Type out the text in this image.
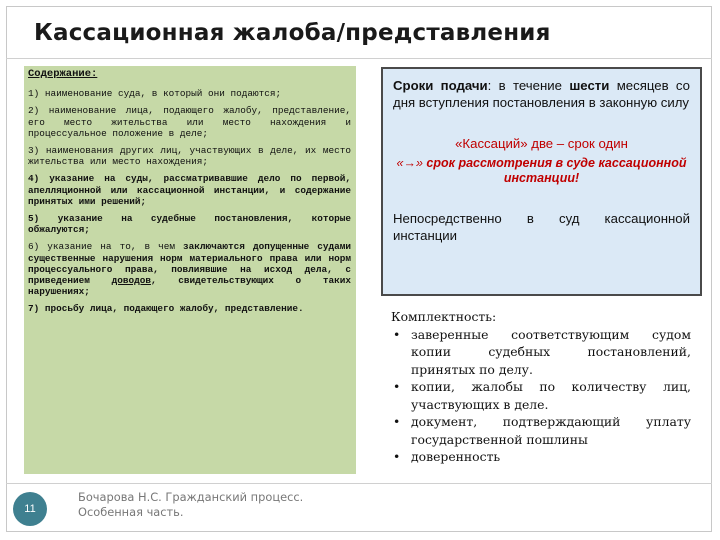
Кассационная жалоба/представления

Содержание:

1) наименование суда, в который они подаются;

2) наименование лица, подающего жалобу, представление, его место жительства или место нахождения и процессуальное положение в деле;

3) наименования других лиц, участвующих в деле, их место жительства или место нахождения;

4) указание на суды, рассматривавшие дело по первой, апелляционной или кассационной инстанции, и содержание принятых ими решений;

5) указание на судебные постановления, которые обжалуются;

6) указание на то, в чем заключаются допущенные судами существенные нарушения норм материального права или норм процессуального права, повлиявшие на исход дела, с приведением доводов, свидетельствующих о таких нарушениях;

7) просьбу лица, подающего жалобу, представление.

Сроки подачи: в течение шести месяцев со дня вступления постановления в законную силу

«Кассаций» две – срок один

«→» срок рассмотрения в суде кассационной инстанции!

Непосредственно в суд кассационной инстанции

Комплектность:

• заверенные соответствующим судом копии судебных постановлений, принятых по делу.
• копии, жалобы по количеству лиц, участвующих в деле.
• документ, подтверждающий уплату государственной пошлины
• доверенность
11
Бочарова Н.С. Гражданский процесс.
Особенная часть.
